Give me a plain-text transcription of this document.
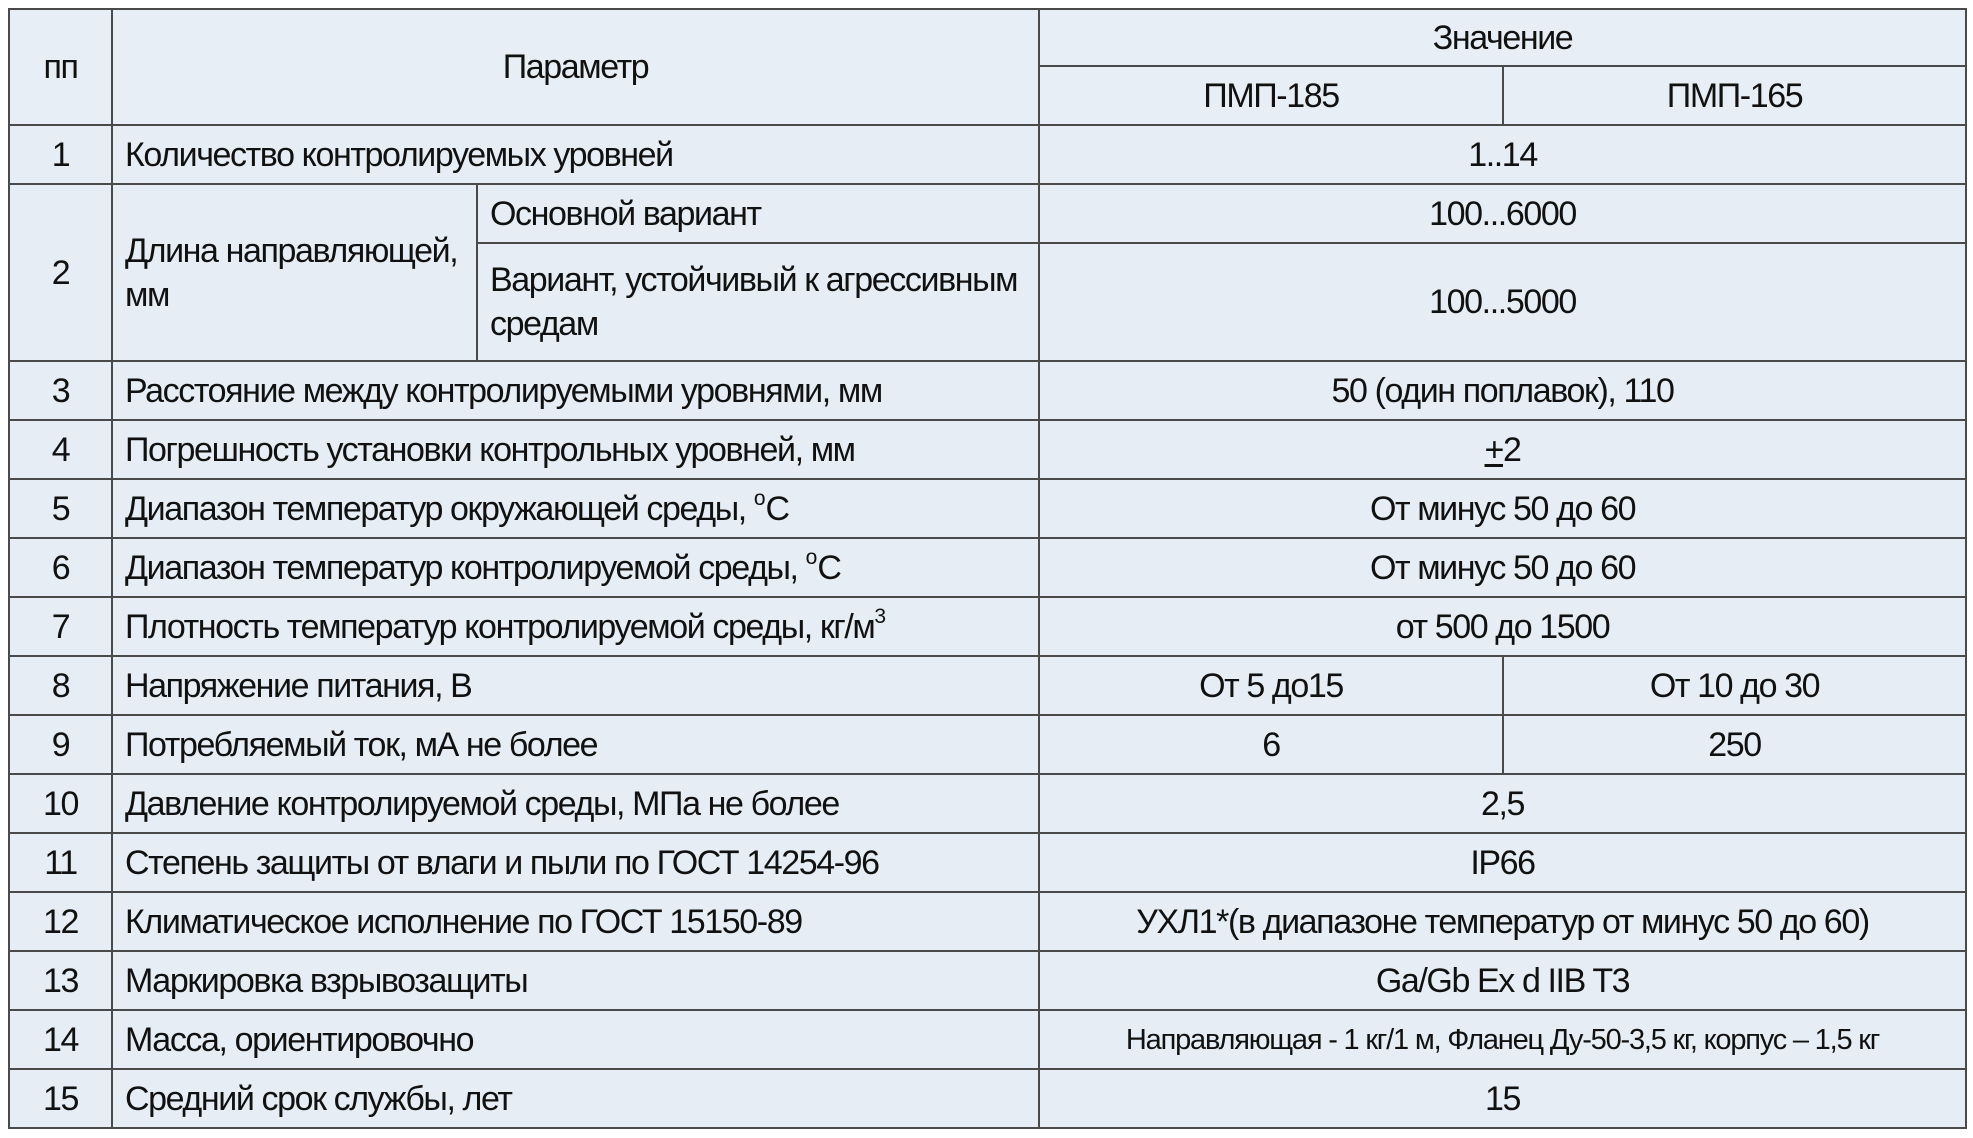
пп	Параметр		Значение	
			ПМП-185	ПМП-165
1	Количество контролируемых уровней		1..14	
2	Длина направляющей, мм	Основной вариант	100...6000	
		Вариант, устойчивый к агрессивным средам	100...5000	
3	Расстояние между контролируемыми уровнями, мм		50 (один поплавок), 110	
4	Погрешность установки контрольных уровней, мм		+2	
5	Диапазон температур окружающей среды, $^o$С		От минус 50 до 60	
6	Диапазон температур контролируемой среды, $^o$С		От минус 50 до 60	
7	Плотность температур контролируемой среды, $кг/м^3$		от 500 до 1500	
8	Напряжение питания, В		От 5 до15	От 10 до 30
9	Потребляемый ток, мА не более		6	250
10	Давление контролируемой среды, МПа не более		2,5	
11	Степень защиты от влаги и пыли по ГОСТ 14254-96		IP66	
12	Климатическое исполнение по ГОСТ 15150-89		УХЛ1*(в диапазоне температур от минус 50 до 60)	
13	Маркировка взрывозащиты		Ga/Gb Ex d IIB T3	
14	Масса, ориентировочно		Направляющая - 1 кг/1 м, Фланец Ду-50-3,5 кг, корпус – 1,5 кг	
15	Средний срок службы, лет		15	
